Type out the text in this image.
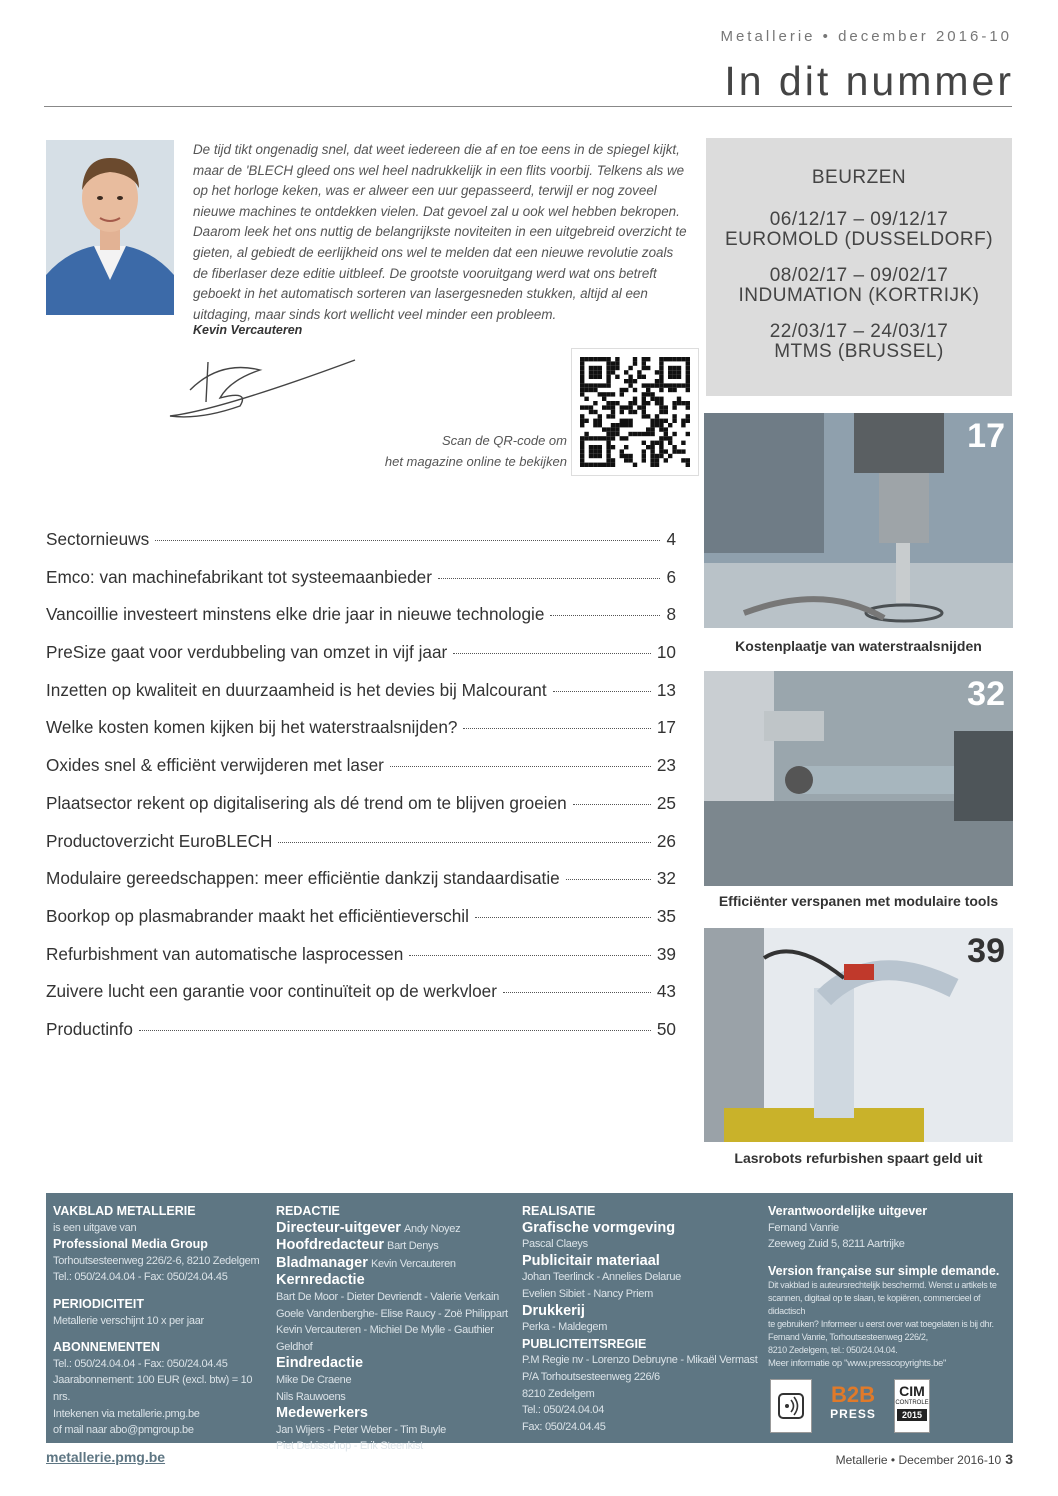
Metallerie • december 2016-10
In dit nummer
De tijd tikt ongenadig snel, dat weet iedereen die af en toe eens in de spiegel kijkt, maar de 'BLECH gleed ons wel heel nadrukkelijk in een flits voorbij. Telkens als we op het horloge keken, was er alweer een uur gepasseerd, terwijl er nog zoveel nieuwe machines te ontdekken vielen. Dat gevoel zal u ook wel hebben bekropen. Daarom leek het ons nuttig de belangrijkste noviteiten in een uitgebreid overzicht te gieten, al gebiedt de eerlijkheid ons wel te melden dat een nieuwe revolutie zoals de fiberlaser deze editie uitbleef. De grootste vooruitgang werd wat ons betreft geboekt in het automatisch sorteren van lasergesneden stukken, altijd al een uitdaging, maar sinds kort wellicht veel minder een probleem.
Kevin Vercauteren
Scan de QR-code om
het magazine online te bekijken
BEURZEN
06/12/17 – 09/12/17
EUROMOLD (DUSSELDORF)
08/02/17 – 09/02/17
INDUMATION (KORTRIJK)
22/03/17 – 24/03/17
MTMS (BRUSSEL)
17
Kostenplaatje van waterstraalsnijden
32
Efficiënter verspanen met modulaire tools
39
Lasrobots refurbishen spaart geld uit
Sectornieuws	4
Emco: van machinefabrikant tot systeemaanbieder	6
Vancoillie investeert minstens elke drie jaar in nieuwe technologie	8
PreSize gaat voor verdubbeling van omzet in vijf jaar	10
Inzetten op kwaliteit en duurzaamheid is het devies bij Malcourant	13
Welke kosten komen kijken bij het waterstraalsnijden?	17
Oxides snel & efficiënt verwijderen met laser	23
Plaatsector rekent op digitalisering als dé trend om te blijven groeien	25
Productoverzicht EuroBLECH	26
Modulaire gereedschappen: meer efficiëntie dankzij standaardisatie	32
Boorkop op plasmabrander maakt het efficiëntieverschil	35
Refurbishment van automatische lasprocessen	39
Zuivere lucht een garantie voor continuïteit op de werkvloer	43
Productinfo	50
VAKBLAD METALLERIE
is een uitgave van
Professional Media Group
Torhoutsesteenweg 226/2-6, 8210 Zedelgem
Tel.: 050/24.04.04 - Fax: 050/24.04.45
PERIODICITEIT
Metallerie verschijnt 10 x per jaar
ABONNEMENTEN
Tel.: 050/24.04.04 - Fax: 050/24.04.45
Jaarabonnement: 100 EUR (excl. btw) = 10 nrs.
Intekenen via metallerie.pmg.be
of mail naar abo@pmgroup.be
REDACTIE
Directeur-uitgever Andy Noyez
Hoofdredacteur Bart Denys
Bladmanager Kevin Vercauteren
Kernredactie
Bart De Moor - Dieter Devriendt - Valerie Verkain
Goele Vandenberghe- Elise Raucy - Zoë Philippart
Kevin Vercauteren - Michiel De Mylle - Gauthier Geldhof
Eindredactie
Mike De Craene
Nils Rauwoens
Medewerkers
Jan Wijers - Peter Weber - Tim Buyle
Piet Debisschop - Erik Steenkist
REALISATIE
Grafische vormgeving
Pascal Claeys
Publicitair materiaal
Johan Teerlinck - Annelies Delarue
Evelien Sibiet - Nancy Priem
Drukkerij
Perka - Maldegem
PUBLICITEITSREGIE
P.M Regie nv - Lorenzo Debruyne - Mikaël Vermast
P/A Torhoutsesteenweg 226/6
8210 Zedelgem
Tel.: 050/24.04.04
Fax: 050/24.04.45
Verantwoordelijke uitgever
Fernand Vanrie
Zeeweg Zuid 5, 8211 Aartrijke
Version française sur simple demande.
Dit vakblad is auteursrechtelijk beschermd. Wenst u artikels te
scannen, digitaal op te slaan, te kopiëren, commercieel of didactisch
te gebruiken? Informeer u eerst over wat toegelaten is bij dhr.
Fernand Vanrie, Torhoutsesteenweg 226/2,
8210 Zedelgem, tel.: 050/24.04.04.
Meer informatie op "www.presscopyrights.be"
B2B
PRESS
CIM
CONTROLE
2015
metallerie.pmg.be	Metallerie • December 2016-10 3
